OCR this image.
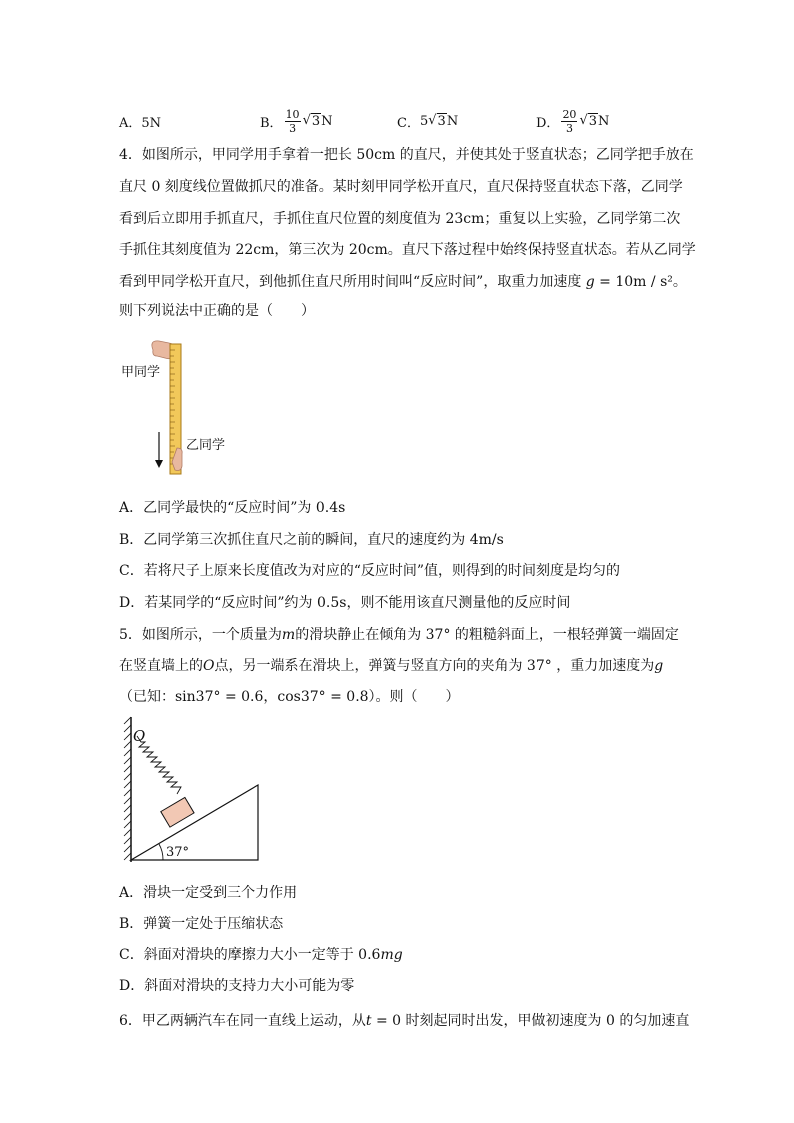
A．5N	B． $\frac{10}{3}$ √ 3 N	C． 5 √ 3 N	D． $\frac{20}{3}$ √ 3 N
4．如图所示，甲同学用手拿着一把长 50cm 的直尺，并使其处于竖直状态；乙同学把手放在
直尺 0 刻度线位置做抓尺的准备。某时刻甲同学松开直尺，直尺保持竖直状态下落，乙同学
看到后立即用手抓直尺，手抓住直尺位置的刻度值为 23cm；重复以上实验，乙同学第二次
手抓住其刻度值为 22cm，第三次为 20cm。直尺下落过程中始终保持竖直状态。若从乙同学
看到甲同学松开直尺，到他抓住直尺所用时间叫“反应时间”，取重力加速度 g = 10m / s²。
则下列说法中正确的是（　　）
甲同学
乙同学
A．乙同学最快的“反应时间”为 0.4s
B．乙同学第三次抓住直尺之前的瞬间，直尺的速度约为 4m/s
C．若将尺子上原来长度值改为对应的“反应时间”值，则得到的时间刻度是均匀的
D．若某同学的“反应时间”约为 0.5s，则不能用该直尺测量他的反应时间
5．如图所示，一个质量为m的滑块静止在倾角为 37° 的粗糙斜面上，一根轻弹簧一端固定
在竖直墙上的O点，另一端系在滑块上，弹簧与竖直方向的夹角为 37° ，重力加速度为g
（已知：sin37° = 0.6，cos37° = 0.8）。则（　　）
O
37°
A．滑块一定受到三个力作用
B．弹簧一定处于压缩状态
C．斜面对滑块的摩擦力大小一定等于 0.6mg
D．斜面对滑块的支持力大小可能为零
6．甲乙两辆汽车在同一直线上运动，从t = 0 时刻起同时出发，甲做初速度为 0 的匀加速直
